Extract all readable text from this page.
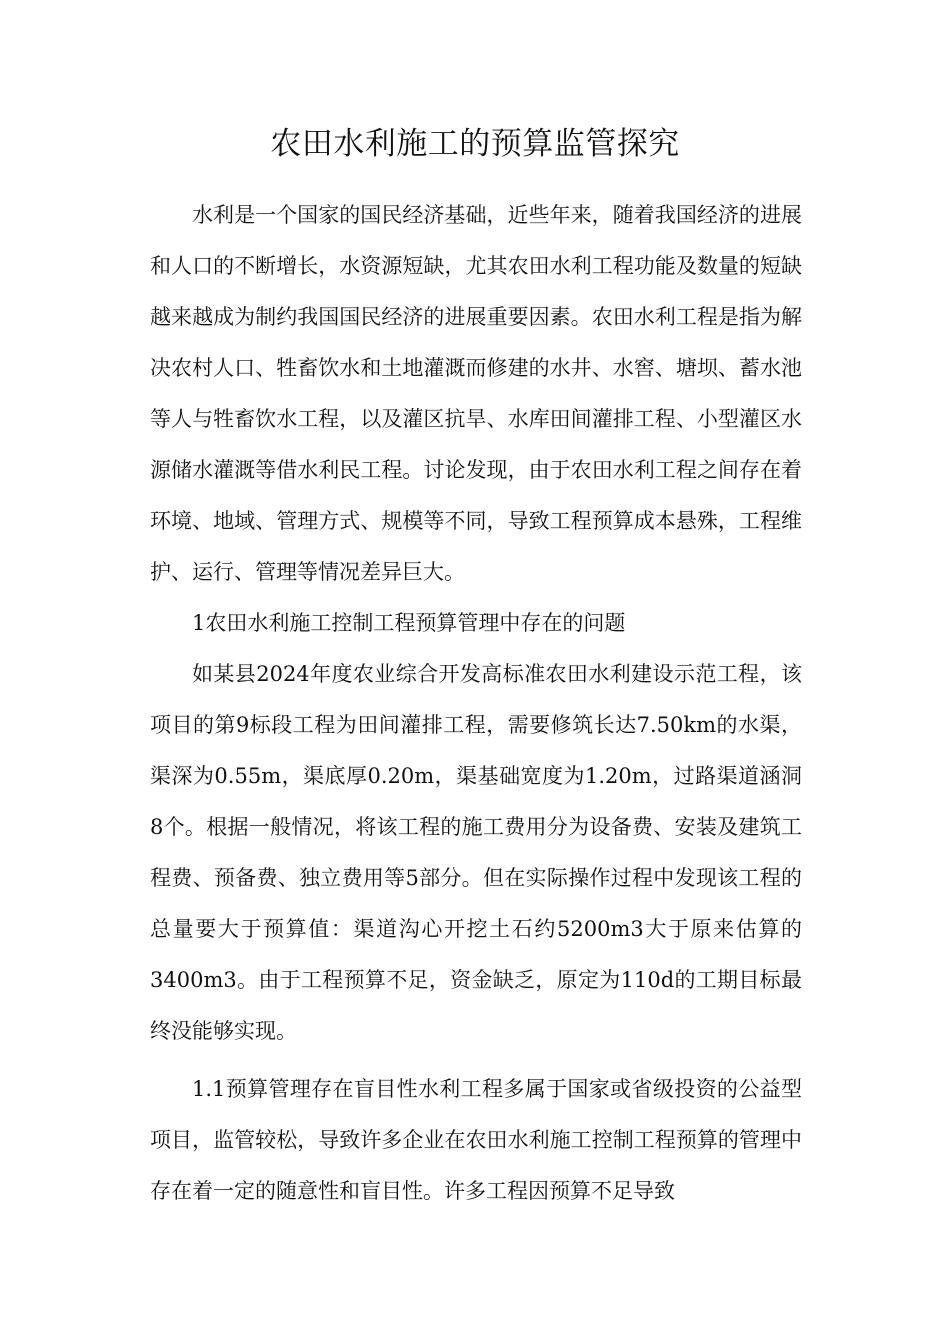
农田水利施工的预算监管探究

水利是一个国家的国民经济基础，近些年来，随着我国经济的进展和人口的不断增长，水资源短缺，尤其农田水利工程功能及数量的短缺越来越成为制约我国国民经济的进展重要因素。农田水利工程是指为解决农村人口、牲畜饮水和土地灌溉而修建的水井、水窖、塘坝、蓄水池等人与牲畜饮水工程，以及灌区抗旱、水库田间灌排工程、小型灌区水源储水灌溉等借水利民工程。讨论发现，由于农田水利工程之间存在着环境、地域、管理方式、规模等不同，导致工程预算成本悬殊，工程维护、运行、管理等情况差异巨大。

1农田水利施工控制工程预算管理中存在的问题

如某县2024年度农业综合开发高标准农田水利建设示范工程，该项目的第9标段工程为田间灌排工程，需要修筑长达7.50km的水渠，渠深为0.55m，渠底厚0.20m，渠基础宽度为1.20m，过路渠道涵洞8个。根据一般情况，将该工程的施工费用分为设备费、安装及建筑工程费、预备费、独立费用等5部分。但在实际操作过程中发现该工程的总量要大于预算值：渠道沟心开挖土石约5200m3大于原来估算的3400m3。由于工程预算不足，资金缺乏，原定为110d的工期目标最终没能够实现。

1.1预算管理存在盲目性水利工程多属于国家或省级投资的公益型项目，监管较松，导致许多企业在农田水利施工控制工程预算的管理中存在着一定的随意性和盲目性。许多工程因预算不足导致
